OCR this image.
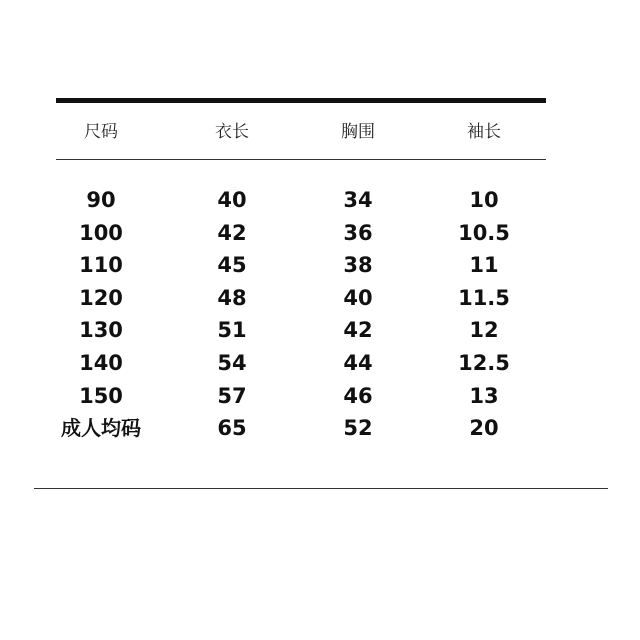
尺码	衣长	胸围	袖长
90	40	34	10
100	42	36	10.5
110	45	38	11
120	48	40	11.5
130	51	42	12
140	54	44	12.5
150	57	46	13
成人均码	65	52	20
